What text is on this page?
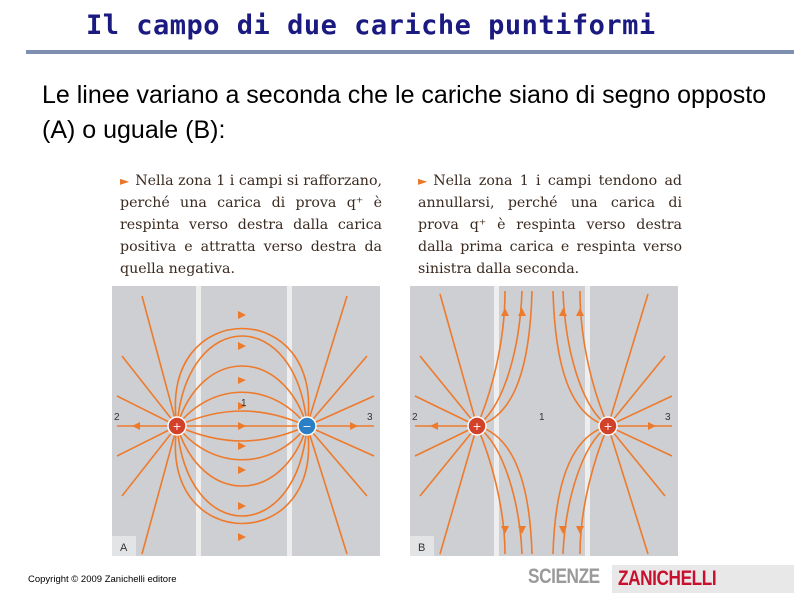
Il campo di due cariche puntiformi
Le linee variano a seconda che le cariche siano di segno opposto (A) o uguale (B):
► Nella zona 1 i campi si rafforzano, perché una carica di prova q⁺ è respinta verso destra dalla carica positiva e attratta verso destra da quella negativa.
► Nella zona 1 i campi tendono ad annullarsi, perché una carica di prova q⁺ è respinta verso destra dalla prima carica e respinta verso sinistra dalla seconda.
1
2	3
+	−
A
1
2	3
+	+
B
Copyright © 2009 Zanichelli editore	SCIENZE ZANICHELLI
